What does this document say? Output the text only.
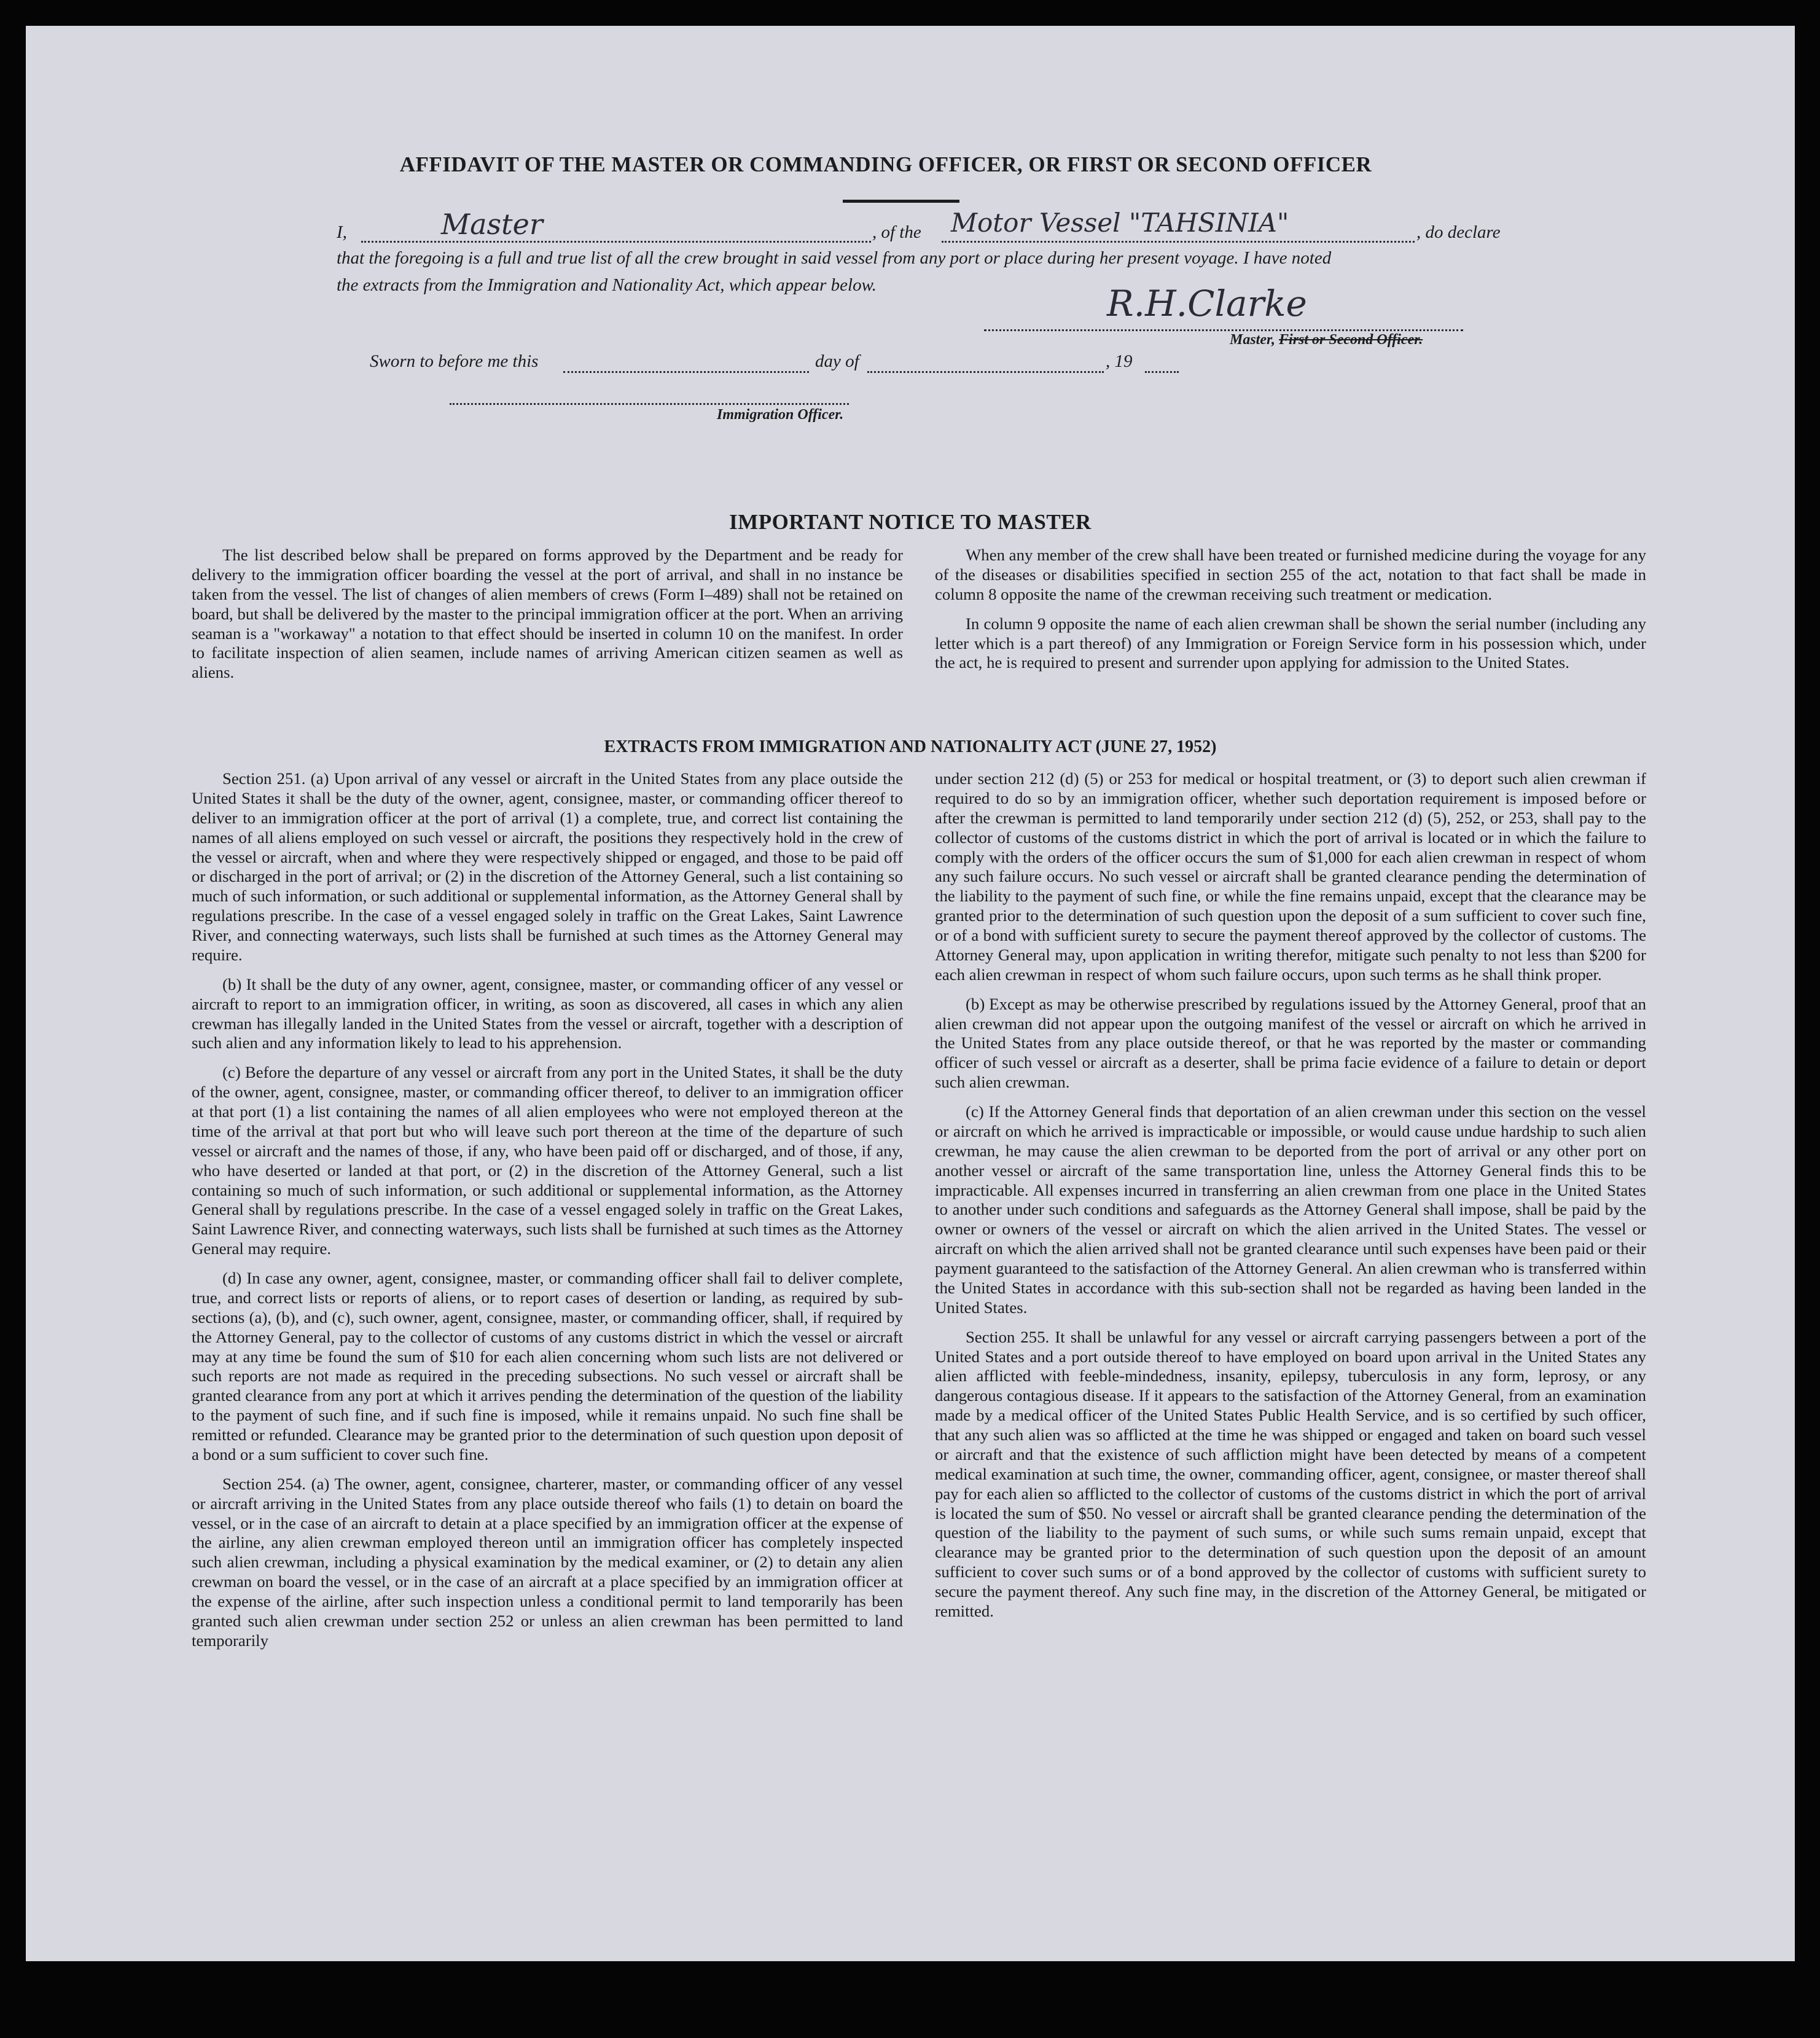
AFFIDAVIT OF THE MASTER OR COMMANDING OFFICER, OR FIRST OR SECOND OFFICER
I,	Master	, of the Motor Vessel "TAHSINIA"	, do declare
that the foregoing is a full and true list of all the crew brought in said vessel from any port or place during her present voyage. I have noted
the extracts from the Immigration and Nationality Act, which appear below.	R.H.Clarke
Master, First or Second Officer.
Sworn to before me this	day of	, 19
Immigration Officer.
IMPORTANT NOTICE TO MASTER

The list described below shall be prepared on forms approved by the Department and be ready for delivery to the immigration officer boarding the vessel at the port of arrival, and shall in no instance be taken from the vessel. The list of changes of alien members of crews (Form I–489) shall not be retained on board, but shall be delivered by the master to the principal immigration officer at the port. When an arriving seaman is a "workaway" a notation to that effect should be inserted in column 10 on the manifest. In order to facilitate inspection of alien seamen, include names of arriving American citizen seamen as well as aliens.

When any member of the crew shall have been treated or furnished medicine during the voyage for any of the diseases or disabilities specified in section 255 of the act, notation to that fact shall be made in column 8 opposite the name of the crewman receiving such treatment or medication.

In column 9 opposite the name of each alien crewman shall be shown the serial number (including any letter which is a part thereof) of any Immigration or Foreign Service form in his possession which, under the act, he is required to present and surrender upon applying for admission to the United States.

EXTRACTS FROM IMMIGRATION AND NATIONALITY ACT (JUNE 27, 1952)

Section 251. (a) Upon arrival of any vessel or aircraft in the United States from any place outside the United States it shall be the duty of the owner, agent, consignee, master, or commanding officer thereof to deliver to an immigration officer at the port of arrival (1) a complete, true, and correct list containing the names of all aliens employed on such vessel or aircraft, the positions they respectively hold in the crew of the vessel or aircraft, when and where they were respectively shipped or engaged, and those to be paid off or discharged in the port of arrival; or (2) in the discretion of the Attorney General, such a list containing so much of such information, or such additional or supplemental information, as the Attorney General shall by regulations prescribe. In the case of a vessel engaged solely in traffic on the Great Lakes, Saint Lawrence River, and connecting waterways, such lists shall be furnished at such times as the Attorney General may require.

(b) It shall be the duty of any owner, agent, consignee, master, or commanding officer of any vessel or aircraft to report to an immigration officer, in writing, as soon as discovered, all cases in which any alien crewman has illegally landed in the United States from the vessel or aircraft, together with a description of such alien and any information likely to lead to his apprehension.

(c) Before the departure of any vessel or aircraft from any port in the United States, it shall be the duty of the owner, agent, consignee, master, or commanding officer thereof, to deliver to an immigration officer at that port (1) a list containing the names of all alien employees who were not employed thereon at the time of the arrival at that port but who will leave such port thereon at the time of the departure of such vessel or aircraft and the names of those, if any, who have been paid off or discharged, and of those, if any, who have deserted or landed at that port, or (2) in the discretion of the Attorney General, such a list containing so much of such information, or such additional or supplemental information, as the Attorney General shall by regulations prescribe. In the case of a vessel engaged solely in traffic on the Great Lakes, Saint Lawrence River, and connecting waterways, such lists shall be furnished at such times as the Attorney General may require.

(d) In case any owner, agent, consignee, master, or commanding officer shall fail to deliver complete, true, and correct lists or reports of aliens, or to report cases of desertion or landing, as required by sub-sections (a), (b), and (c), such owner, agent, consignee, master, or commanding officer, shall, if required by the Attorney General, pay to the collector of customs of any customs district in which the vessel or aircraft may at any time be found the sum of $10 for each alien concerning whom such lists are not delivered or such reports are not made as required in the preceding subsections. No such vessel or aircraft shall be granted clearance from any port at which it arrives pending the determination of the question of the liability to the payment of such fine, and if such fine is imposed, while it remains unpaid. No such fine shall be remitted or refunded. Clearance may be granted prior to the determination of such question upon deposit of a bond or a sum sufficient to cover such fine.

Section 254. (a) The owner, agent, consignee, charterer, master, or commanding officer of any vessel or aircraft arriving in the United States from any place outside thereof who fails (1) to detain on board the vessel, or in the case of an aircraft to detain at a place specified by an immigration officer at the expense of the airline, any alien crewman employed thereon until an immigration officer has completely inspected such alien crewman, including a physical examination by the medical examiner, or (2) to detain any alien crewman on board the vessel, or in the case of an aircraft at a place specified by an immigration officer at the expense of the airline, after such inspection unless a conditional permit to land temporarily has been granted such alien crewman under section 252 or unless an alien crewman has been permitted to land temporarily

under section 212 (d) (5) or 253 for medical or hospital treatment, or (3) to deport such alien crewman if required to do so by an immigration officer, whether such deportation requirement is imposed before or after the crewman is permitted to land temporarily under section 212 (d) (5), 252, or 253, shall pay to the collector of customs of the customs district in which the port of arrival is located or in which the failure to comply with the orders of the officer occurs the sum of $1,000 for each alien crewman in respect of whom any such failure occurs. No such vessel or aircraft shall be granted clearance pending the determination of the liability to the payment of such fine, or while the fine remains unpaid, except that the clearance may be granted prior to the determination of such question upon the deposit of a sum sufficient to cover such fine, or of a bond with sufficient surety to secure the payment thereof approved by the collector of customs. The Attorney General may, upon application in writing therefor, mitigate such penalty to not less than $200 for each alien crewman in respect of whom such failure occurs, upon such terms as he shall think proper.

(b) Except as may be otherwise prescribed by regulations issued by the Attorney General, proof that an alien crewman did not appear upon the outgoing manifest of the vessel or aircraft on which he arrived in the United States from any place outside thereof, or that he was reported by the master or commanding officer of such vessel or aircraft as a deserter, shall be prima facie evidence of a failure to detain or deport such alien crewman.

(c) If the Attorney General finds that deportation of an alien crewman under this section on the vessel or aircraft on which he arrived is impracticable or impossible, or would cause undue hardship to such alien crewman, he may cause the alien crewman to be deported from the port of arrival or any other port on another vessel or aircraft of the same transportation line, unless the Attorney General finds this to be impracticable. All expenses incurred in transferring an alien crewman from one place in the United States to another under such conditions and safeguards as the Attorney General shall impose, shall be paid by the owner or owners of the vessel or aircraft on which the alien arrived in the United States. The vessel or aircraft on which the alien arrived shall not be granted clearance until such expenses have been paid or their payment guaranteed to the satisfaction of the Attorney General. An alien crewman who is transferred within the United States in accordance with this sub-section shall not be regarded as having been landed in the United States.

Section 255. It shall be unlawful for any vessel or aircraft carrying passengers between a port of the United States and a port outside thereof to have employed on board upon arrival in the United States any alien afflicted with feeble-mindedness, insanity, epilepsy, tuberculosis in any form, leprosy, or any dangerous contagious disease. If it appears to the satisfaction of the Attorney General, from an examination made by a medical officer of the United States Public Health Service, and is so certified by such officer, that any such alien was so afflicted at the time he was shipped or engaged and taken on board such vessel or aircraft and that the existence of such affliction might have been detected by means of a competent medical examination at such time, the owner, commanding officer, agent, consignee, or master thereof shall pay for each alien so afflicted to the collector of customs of the customs district in which the port of arrival is located the sum of $50. No vessel or aircraft shall be granted clearance pending the determination of the question of the liability to the payment of such sums, or while such sums remain unpaid, except that clearance may be granted prior to the determination of such question upon the deposit of an amount sufficient to cover such sums or of a bond approved by the collector of customs with sufficient surety to secure the payment thereof. Any such fine may, in the discretion of the Attorney General, be mitigated or remitted.
